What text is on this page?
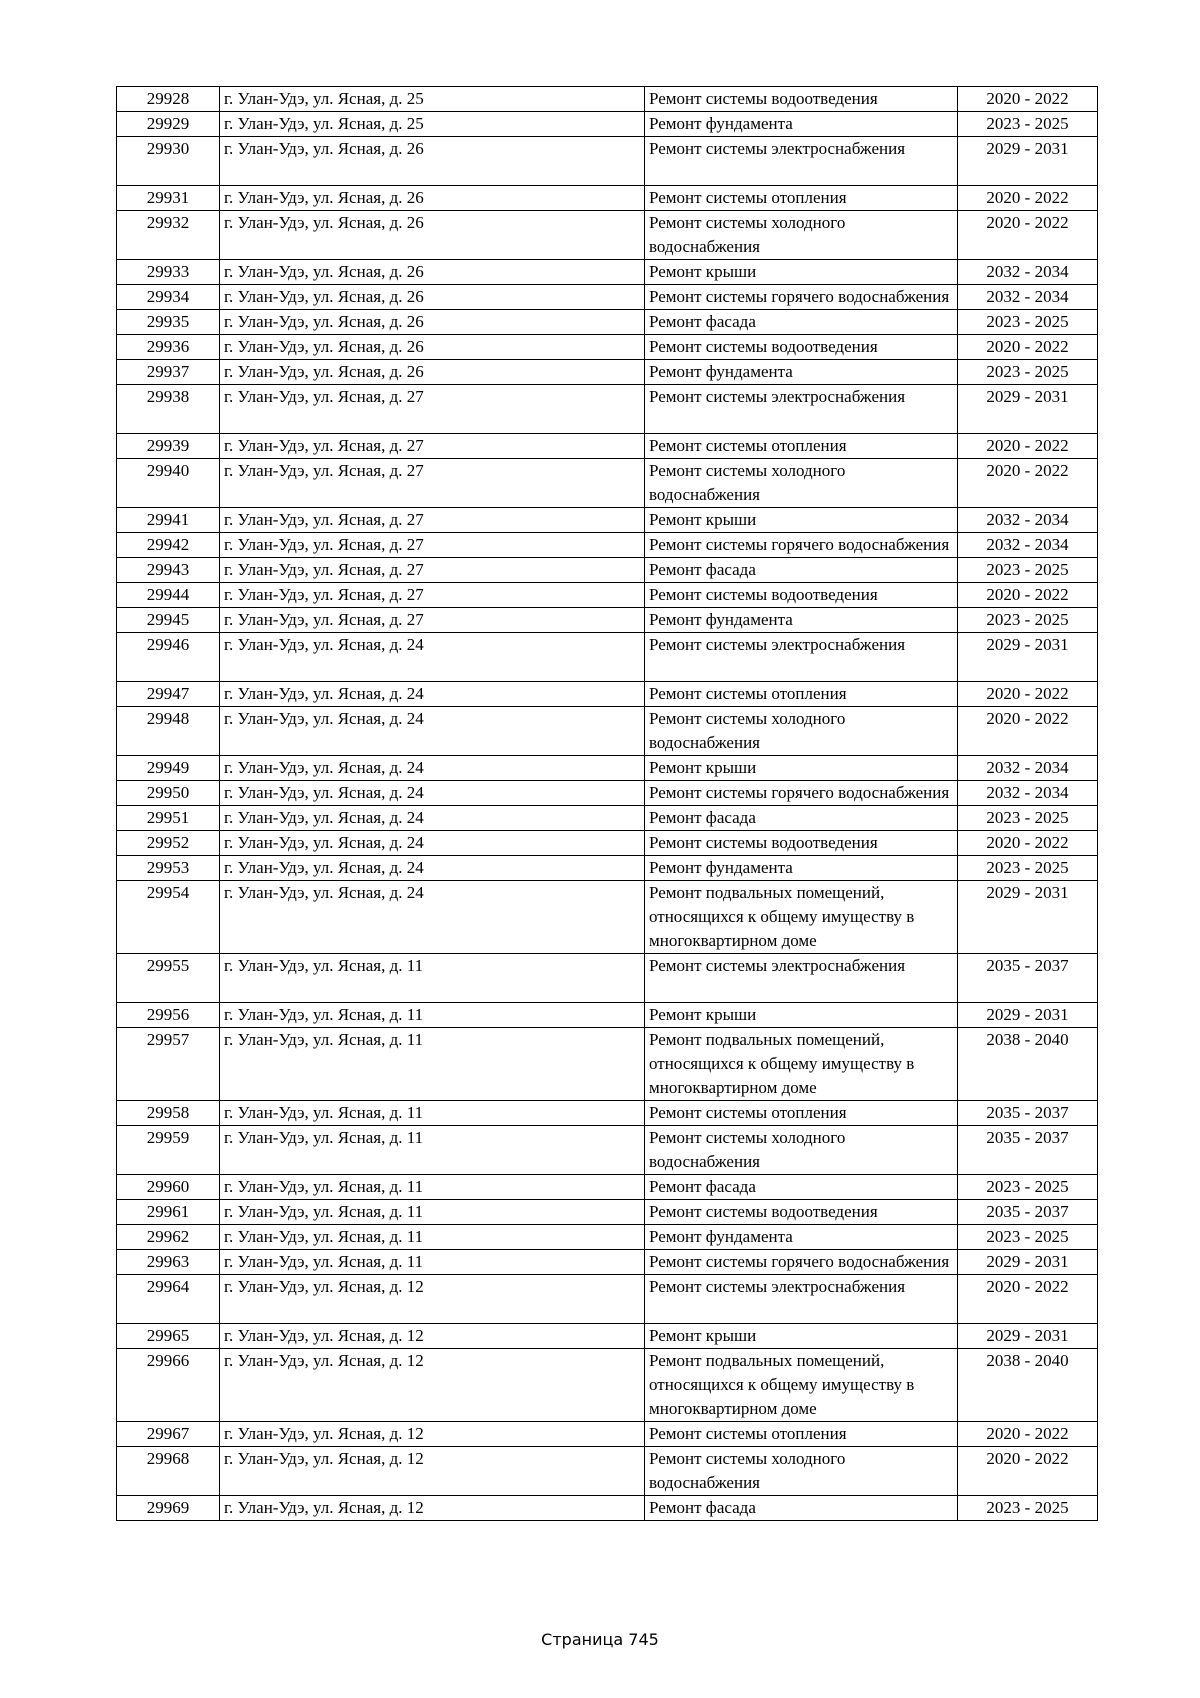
29928	г. Улан-Удэ, ул. Ясная, д. 25	Ремонт системы водоотведения	2020 - 2022
29929	г. Улан-Удэ, ул. Ясная, д. 25	Ремонт фундамента	2023 - 2025
29930	г. Улан-Удэ, ул. Ясная, д. 26	Ремонт системы электроснабжения	2029 - 2031
29931	г. Улан-Удэ, ул. Ясная, д. 26	Ремонт системы отопления	2020 - 2022
29932	г. Улан-Удэ, ул. Ясная, д. 26	Ремонт системы холодного водоснабжения	2020 - 2022
29933	г. Улан-Удэ, ул. Ясная, д. 26	Ремонт крыши	2032 - 2034
29934	г. Улан-Удэ, ул. Ясная, д. 26	Ремонт системы горячего водоснабжения	2032 - 2034
29935	г. Улан-Удэ, ул. Ясная, д. 26	Ремонт фасада	2023 - 2025
29936	г. Улан-Удэ, ул. Ясная, д. 26	Ремонт системы водоотведения	2020 - 2022
29937	г. Улан-Удэ, ул. Ясная, д. 26	Ремонт фундамента	2023 - 2025
29938	г. Улан-Удэ, ул. Ясная, д. 27	Ремонт системы электроснабжения	2029 - 2031
29939	г. Улан-Удэ, ул. Ясная, д. 27	Ремонт системы отопления	2020 - 2022
29940	г. Улан-Удэ, ул. Ясная, д. 27	Ремонт системы холодного водоснабжения	2020 - 2022
29941	г. Улан-Удэ, ул. Ясная, д. 27	Ремонт крыши	2032 - 2034
29942	г. Улан-Удэ, ул. Ясная, д. 27	Ремонт системы горячего водоснабжения	2032 - 2034
29943	г. Улан-Удэ, ул. Ясная, д. 27	Ремонт фасада	2023 - 2025
29944	г. Улан-Удэ, ул. Ясная, д. 27	Ремонт системы водоотведения	2020 - 2022
29945	г. Улан-Удэ, ул. Ясная, д. 27	Ремонт фундамента	2023 - 2025
29946	г. Улан-Удэ, ул. Ясная, д. 24	Ремонт системы электроснабжения	2029 - 2031
29947	г. Улан-Удэ, ул. Ясная, д. 24	Ремонт системы отопления	2020 - 2022
29948	г. Улан-Удэ, ул. Ясная, д. 24	Ремонт системы холодного водоснабжения	2020 - 2022
29949	г. Улан-Удэ, ул. Ясная, д. 24	Ремонт крыши	2032 - 2034
29950	г. Улан-Удэ, ул. Ясная, д. 24	Ремонт системы горячего водоснабжения	2032 - 2034
29951	г. Улан-Удэ, ул. Ясная, д. 24	Ремонт фасада	2023 - 2025
29952	г. Улан-Удэ, ул. Ясная, д. 24	Ремонт системы водоотведения	2020 - 2022
29953	г. Улан-Удэ, ул. Ясная, д. 24	Ремонт фундамента	2023 - 2025
29954	г. Улан-Удэ, ул. Ясная, д. 24	Ремонт подвальных помещений, относящихся к общему имуществу в многоквартирном доме	2029 - 2031
29955	г. Улан-Удэ, ул. Ясная, д. 11	Ремонт системы электроснабжения	2035 - 2037
29956	г. Улан-Удэ, ул. Ясная, д. 11	Ремонт крыши	2029 - 2031
29957	г. Улан-Удэ, ул. Ясная, д. 11	Ремонт подвальных помещений, относящихся к общему имуществу в многоквартирном доме	2038 - 2040
29958	г. Улан-Удэ, ул. Ясная, д. 11	Ремонт системы отопления	2035 - 2037
29959	г. Улан-Удэ, ул. Ясная, д. 11	Ремонт системы холодного водоснабжения	2035 - 2037
29960	г. Улан-Удэ, ул. Ясная, д. 11	Ремонт фасада	2023 - 2025
29961	г. Улан-Удэ, ул. Ясная, д. 11	Ремонт системы водоотведения	2035 - 2037
29962	г. Улан-Удэ, ул. Ясная, д. 11	Ремонт фундамента	2023 - 2025
29963	г. Улан-Удэ, ул. Ясная, д. 11	Ремонт системы горячего водоснабжения	2029 - 2031
29964	г. Улан-Удэ, ул. Ясная, д. 12	Ремонт системы электроснабжения	2020 - 2022
29965	г. Улан-Удэ, ул. Ясная, д. 12	Ремонт крыши	2029 - 2031
29966	г. Улан-Удэ, ул. Ясная, д. 12	Ремонт подвальных помещений, относящихся к общему имуществу в многоквартирном доме	2038 - 2040
29967	г. Улан-Удэ, ул. Ясная, д. 12	Ремонт системы отопления	2020 - 2022
29968	г. Улан-Удэ, ул. Ясная, д. 12	Ремонт системы холодного водоснабжения	2020 - 2022
29969	г. Улан-Удэ, ул. Ясная, д. 12	Ремонт фасада	2023 - 2025
Страница 745
